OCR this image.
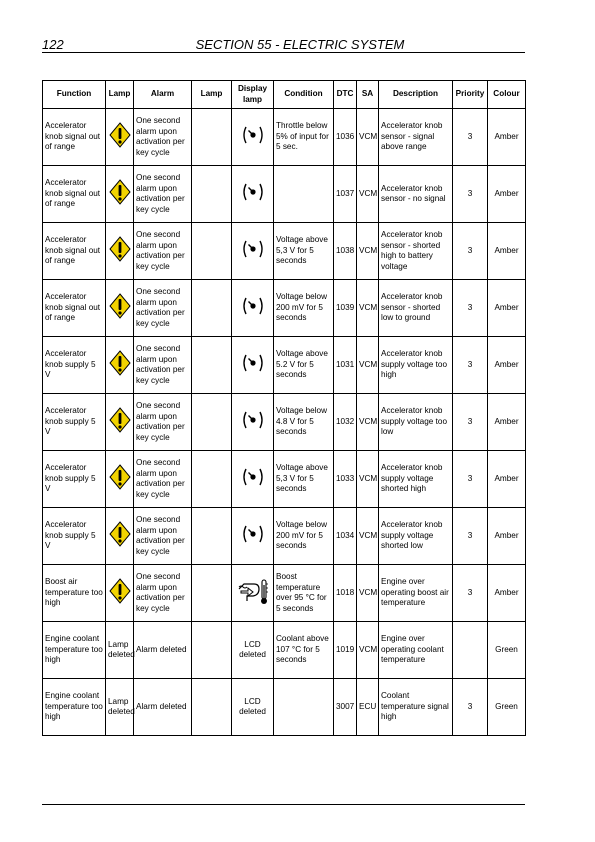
122	SECTION 55 - ELECTRIC SYSTEM
Function	Lamp	Alarm	Lamp	Display lamp	Condition	DTC	SA	Description	Priority	Colour
Accelerator knob signal out of range		One second alarm upon activation per key cycle			Throttle below 5% of input for 5 sec.	1036	VCM	Accelerator knob sensor - signal above range	3	Amber
Accelerator knob signal out of range		One second alarm upon activation per key cycle				1037	VCM	Accelerator knob sensor - no signal	3	Amber
Accelerator knob signal out of range		One second alarm upon activation per key cycle			Voltage above 5,3 V for 5 seconds	1038	VCM	Accelerator knob sensor - shorted high to battery voltage	3	Amber
Accelerator knob signal out of range		One second alarm upon activation per key cycle			Voltage below 200 mV for 5 seconds	1039	VCM	Accelerator knob sensor - shorted low to ground	3	Amber
Accelerator knob supply 5 V		One second alarm upon activation per key cycle			Voltage above 5.2 V for 5 seconds	1031	VCM	Accelerator knob supply voltage too high	3	Amber
Accelerator knob supply 5 V		One second alarm upon activation per key cycle			Voltage below 4.8 V for 5 seconds	1032	VCM	Accelerator knob supply voltage too low	3	Amber
Accelerator knob supply 5 V		One second alarm upon activation per key cycle			Voltage above 5,3 V for 5 seconds	1033	VCM	Accelerator knob supply voltage shorted high	3	Amber
Accelerator knob supply 5 V		One second alarm upon activation per key cycle			Voltage below 200 mV for 5 seconds	1034	VCM	Accelerator knob supply voltage shorted low	3	Amber
Boost air temperature too high		One second alarm upon activation per key cycle			Boost temperature over 95 °C for 5 seconds	1018	VCM	Engine over operating boost air temperature	3	Amber
Engine coolant temperature too high	Lamp deleted	Alarm deleted		LCD deleted	Coolant above 107 °C for 5 seconds	1019	VCM	Engine over operating coolant temperature		Green
Engine coolant temperature too high	Lamp deleted	Alarm deleted		LCD deleted		3007	ECU	Coolant temperature signal high	3	Green
